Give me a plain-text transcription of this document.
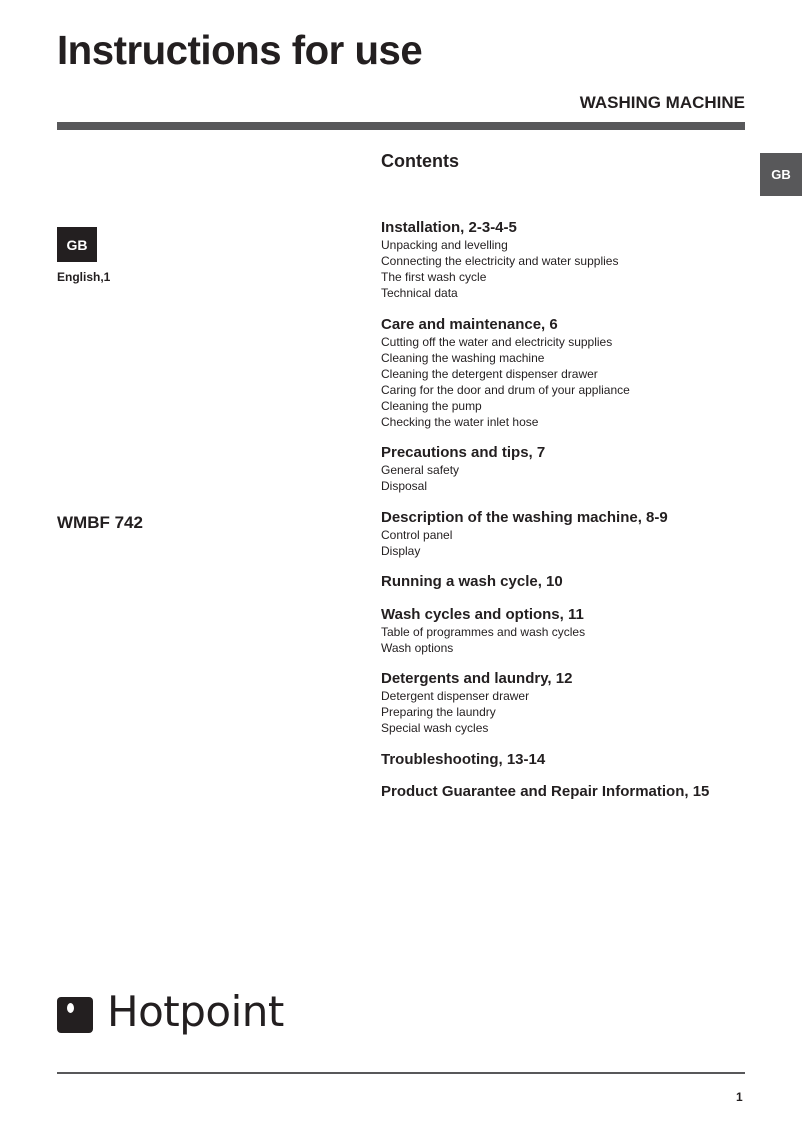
Instructions for use
WASHING MACHINE
GB
Contents
GB
English,1
WMBF 742
Installation, 2-3-4-5
Unpacking and levelling
Connecting the electricity and water supplies
The first wash cycle
Technical data
Care and maintenance, 6
Cutting off the water and electricity supplies
Cleaning the washing machine
Cleaning the detergent dispenser drawer
Caring for the door and drum of your appliance
Cleaning the pump
Checking the water inlet hose
Precautions and tips, 7
General safety
Disposal
Description of the washing machine, 8-9
Control panel
Display
Running a wash cycle, 10
Wash cycles and options, 11
Table of programmes and wash cycles
Wash options
Detergents and laundry, 12
Detergent dispenser drawer
Preparing the laundry
Special wash cycles
Troubleshooting, 13-14
Product Guarantee and Repair Information, 15
Hotpoint
1
